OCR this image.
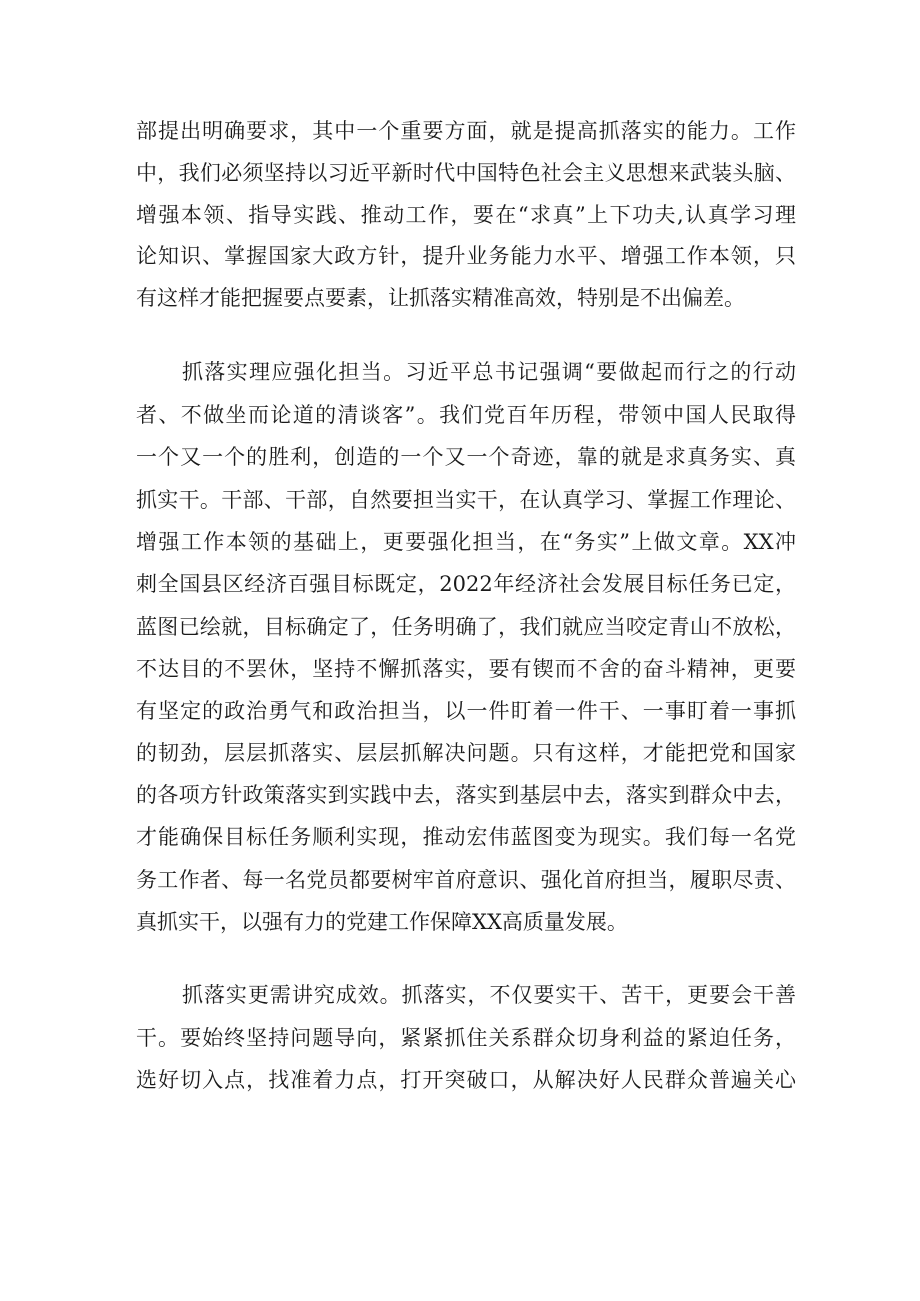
部提出明确要求，其中一个重要方面，就是提高抓落实的能力。工作
中，我们必须坚持以习近平新时代中国特色社会主义思想来武装头脑、
增强本领、指导实践、推动工作，要在“求真”上下功夫,认真学习理
论知识、掌握国家大政方针，提升业务能力水平、增强工作本领，只
有这样才能把握要点要素，让抓落实精准高效，特别是不出偏差。
抓落实理应强化担当。习近平总书记强调“要做起而行之的行动
者、不做坐而论道的清谈客”。我们党百年历程，带领中国人民取得
一个又一个的胜利，创造的一个又一个奇迹，靠的就是求真务实、真
抓实干。干部、干部，自然要担当实干，在认真学习、掌握工作理论、
增强工作本领的基础上，更要强化担当，在“务实”上做文章。XX冲
刺全国县区经济百强目标既定，2022年经济社会发展目标任务已定，
蓝图已绘就，目标确定了，任务明确了，我们就应当咬定青山不放松，
不达目的不罢休，坚持不懈抓落实，要有锲而不舍的奋斗精神，更要
有坚定的政治勇气和政治担当，以一件盯着一件干、一事盯着一事抓
的韧劲，层层抓落实、层层抓解决问题。只有这样，才能把党和国家
的各项方针政策落实到实践中去，落实到基层中去，落实到群众中去，
才能确保目标任务顺利实现，推动宏伟蓝图变为现实。我们每一名党
务工作者、每一名党员都要树牢首府意识、强化首府担当，履职尽责、
真抓实干，以强有力的党建工作保障XX高质量发展。
抓落实更需讲究成效。抓落实，不仅要实干、苦干，更要会干善
干。要始终坚持问题导向，紧紧抓住关系群众切身利益的紧迫任务，
选好切入点，找准着力点，打开突破口，从解决好人民群众普遍关心
